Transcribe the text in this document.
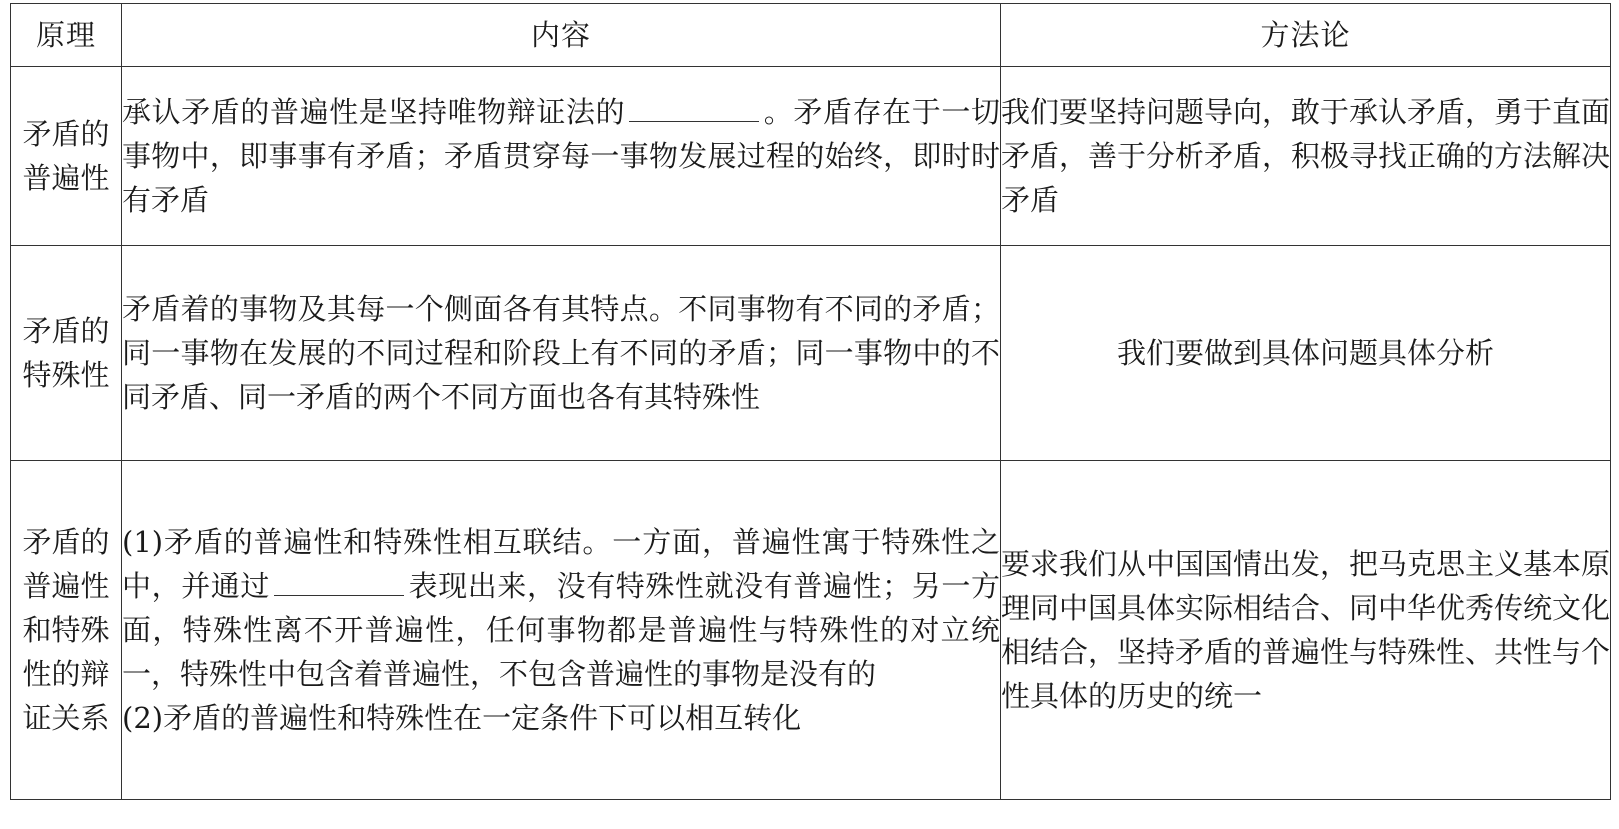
原理	内容	方法论

矛盾的
普遍性	承认矛盾的普遍性是坚持唯物辩证法的 。矛盾存在于一切事物中，即事事有矛盾；矛盾贯穿每一事物发展过程的始终，即时时有矛盾	我们要坚持问题导向，敢于承认矛盾，勇于直面矛盾，善于分析矛盾，积极寻找正确的方法解决矛盾

矛盾的
特殊性	矛盾着的事物及其每一个侧面各有其特点。不同事物有不同的矛盾；同一事物在发展的不同过程和阶段上有不同的矛盾；同一事物中的不同矛盾、同一矛盾的两个不同方面也各有其特殊性	我们要做到具体问题具体分析

矛盾的
普遍性
和特殊
性的辩
证关系	(1)矛盾的普遍性和特殊性相互联结。一方面，普遍性寓于特殊性之中，并通过 表现出来，没有特殊性就没有普遍性；另一方面，特殊性离不开普遍性，任何事物都是普遍性与特殊性的对立统一，特殊性中包含着普遍性，不包含普遍性的事物是没有的
(2)矛盾的普遍性和特殊性在一定条件下可以相互转化	要求我们从中国国情出发，把马克思主义基本原理同中国具体实际相结合、同中华优秀传统文化相结合，坚持矛盾的普遍性与特殊性、共性与个性具体的历史的统一
